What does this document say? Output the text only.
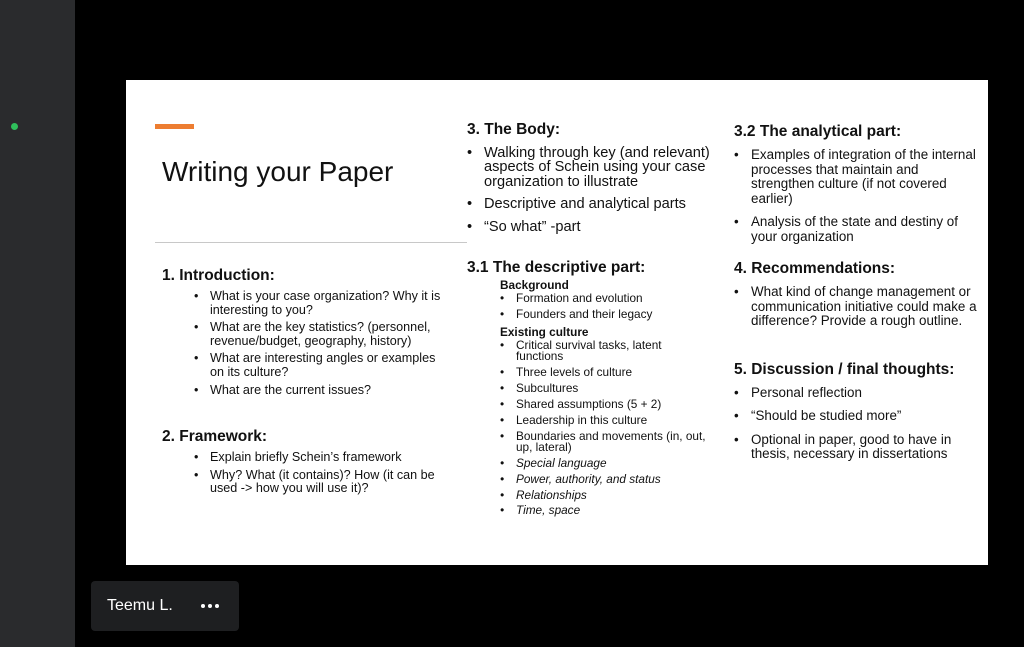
Writing your Paper
1. Introduction:
• What is your case organization? Why it is interesting to you?
• What are the key statistics? (personnel, revenue/budget, geography, history)
• What are interesting angles or examples on its culture?
• What are the current issues?
2. Framework:
• Explain briefly Schein’s framework
• Why? What (it contains)? How (it can be used -> how you will use it)?
3. The Body:
• Walking through key (and relevant) aspects of Schein using your case organization to illustrate
• Descriptive and analytical parts
• “So what” -part
3.1 The descriptive part:
Background
• Formation and evolution
• Founders and their legacy
Existing culture
• Critical survival tasks, latent functions
• Three levels of culture
• Subcultures
• Shared assumptions (5 + 2)
• Leadership in this culture
• Boundaries and movements (in, out, up, lateral)
• Special language
• Power, authority, and status
• Relationships
• Time, space
3.2 The analytical part:
• Examples of integration of the internal processes that maintain and strengthen culture (if not covered earlier)
• Analysis of the state and destiny of your organization
4. Recommendations:
• What kind of change management or communication initiative could make a difference? Provide a rough outline.
5. Discussion / final thoughts:
• Personal reflection
• “Should be studied more”
• Optional in paper, good to have in thesis, necessary in dissertations
Teemu L.
